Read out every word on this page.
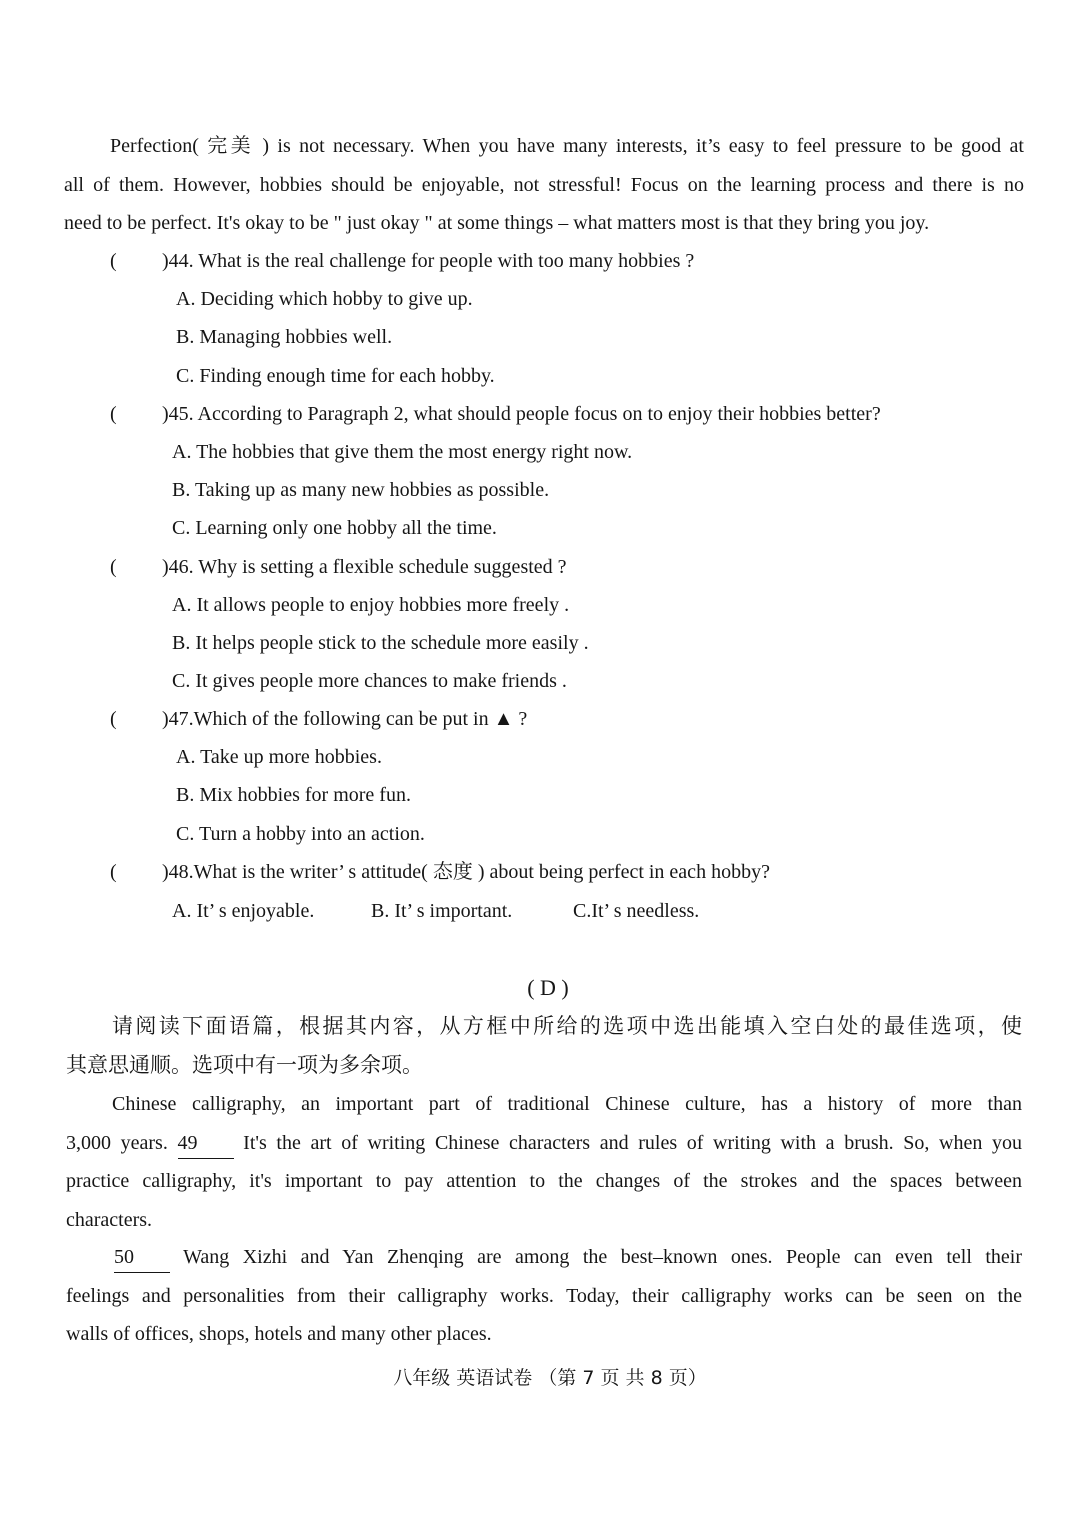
Perfection( 完美 ) is not necessary. When you have many interests, it’s easy to feel pressure to be good at
all of them. However, hobbies should be enjoyable, not stressful! Focus on the learning process and there is no
need to be perfect. It's okay to be " just okay " at some things – what matters most is that they bring you joy.
( )44. What is the real challenge for people with too many hobbies ?
A. Deciding which hobby to give up.
B. Managing hobbies well.
C. Finding enough time for each hobby.
( )45. According to Paragraph 2, what should people focus on to enjoy their hobbies better?
A. The hobbies that give them the most energy right now.
B. Taking up as many new hobbies as possible.
C. Learning only one hobby all the time.
( )46. Why is setting a flexible schedule suggested ?
A. It allows people to enjoy hobbies more freely .
B. It helps people stick to the schedule more easily .
C. It gives people more chances to make friends .
( )47.Which of the following can be put in ▲ ?
A. Take up more hobbies.
B. Mix hobbies for more fun.
C. Turn a hobby into an action.
( )48.What is the writer’ s attitude( 态度 ) about being perfect in each hobby?
A. It’ s enjoyable.	B. It’ s important.	C.It’ s needless.
( D )
请阅读下面语篇，根据其内容，从方框中所给的选项中选出能填入空白处的最佳选项，使
其意思通顺。选项中有一项为多余项。
Chinese calligraphy, an important part of traditional Chinese culture, has a history of more than
3,000 years. 49 It's the art of writing Chinese characters and rules of writing with a brush. So, when you
practice calligraphy, it's important to pay attention to the changes of the strokes and the spaces between
characters.
50 Wang Xizhi and Yan Zhenqing are among the best–known ones. People can even tell their
feelings and personalities from their calligraphy works. Today, their calligraphy works can be seen on the
walls of offices, shops, hotels and many other places.
八年级 英语试卷 （第 7 页 共 8 页）
